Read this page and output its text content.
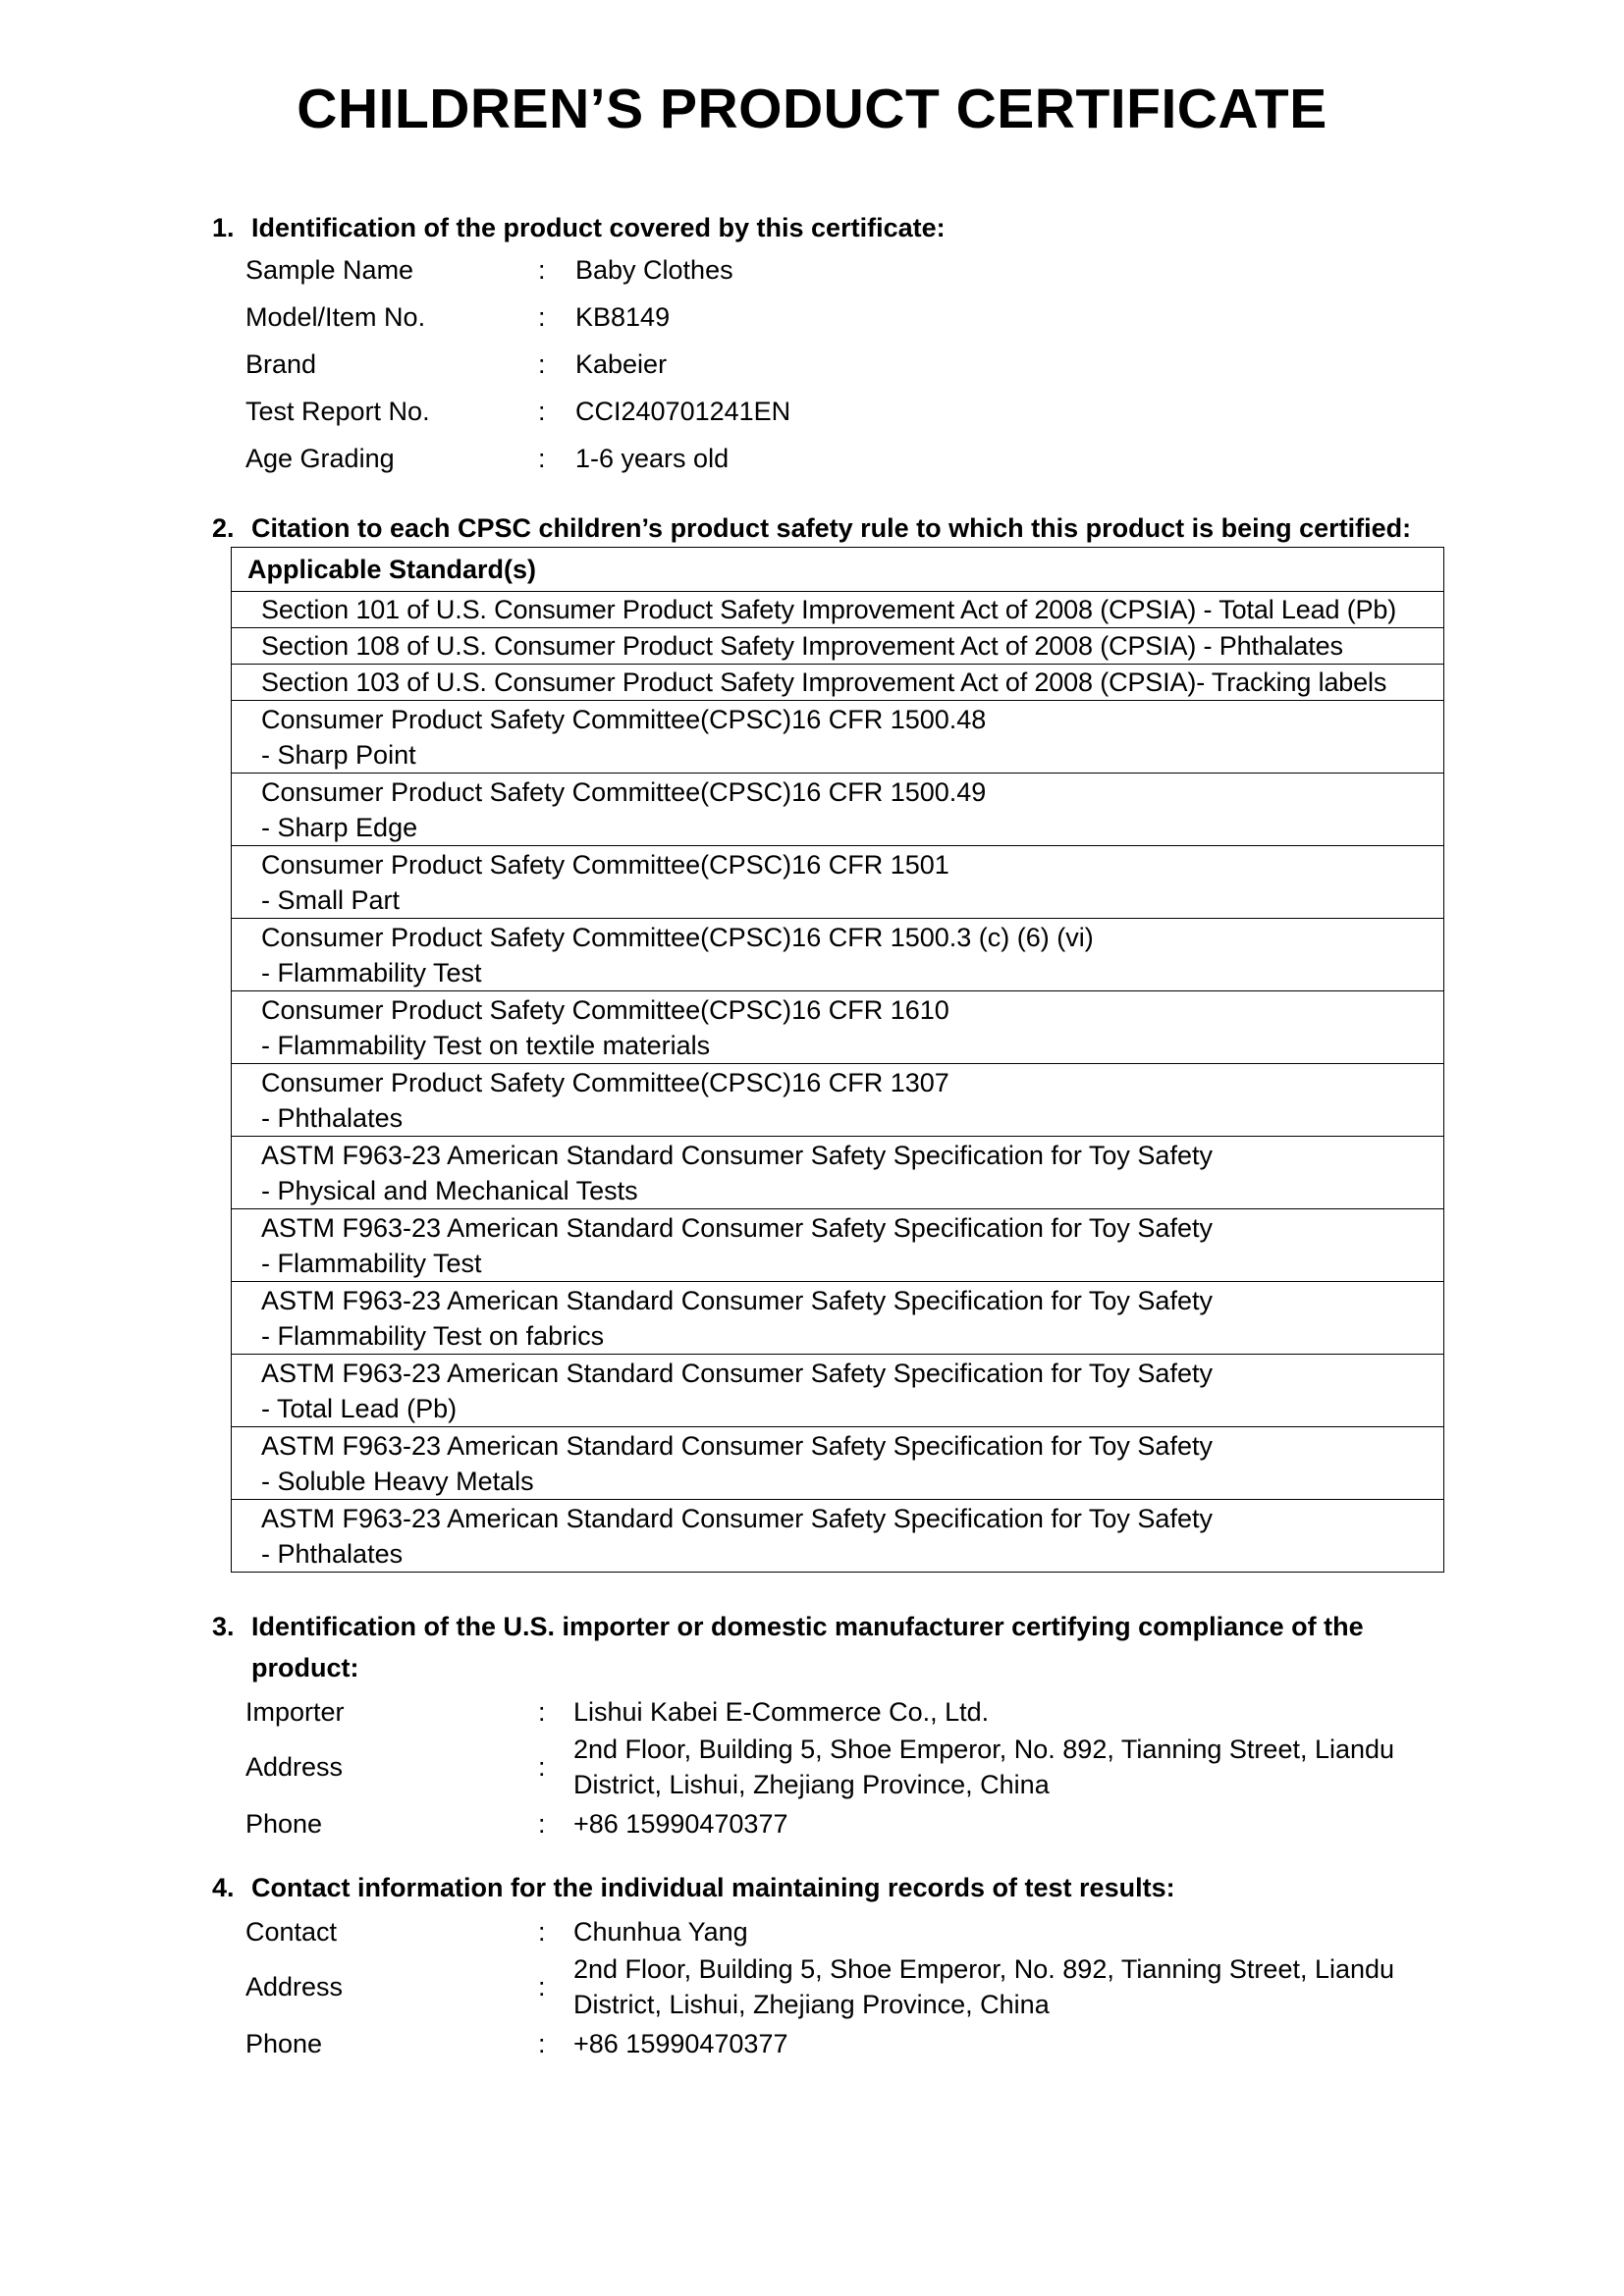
CHILDREN’S PRODUCT CERTIFICATE
1. Identification of the product covered by this certificate:
Sample Name	:	Baby Clothes
Model/Item No.	:	KB8149
Brand	:	Kabeier
Test Report No.	:	CCI240701241EN
Age Grading	:	1-6 years old
2. Citation to each CPSC children’s product safety rule to which this product is being certified:
Applicable Standard(s)

Section 101 of U.S. Consumer Product Safety Improvement Act of 2008 (CPSIA) - Total Lead (Pb)

Section 108 of U.S. Consumer Product Safety Improvement Act of 2008 (CPSIA) - Phthalates

Section 103 of U.S. Consumer Product Safety Improvement Act of 2008 (CPSIA)- Tracking labels

Consumer Product Safety Committee(CPSC)16 CFR 1500.48
- Sharp Point

Consumer Product Safety Committee(CPSC)16 CFR 1500.49
- Sharp Edge

Consumer Product Safety Committee(CPSC)16 CFR 1501
- Small Part

Consumer Product Safety Committee(CPSC)16 CFR 1500.3 (c) (6) (vi)
- Flammability Test

Consumer Product Safety Committee(CPSC)16 CFR 1610
- Flammability Test on textile materials

Consumer Product Safety Committee(CPSC)16 CFR 1307
- Phthalates

ASTM F963-23 American Standard Consumer Safety Specification for Toy Safety
- Physical and Mechanical Tests

ASTM F963-23 American Standard Consumer Safety Specification for Toy Safety
- Flammability Test

ASTM F963-23 American Standard Consumer Safety Specification for Toy Safety
- Flammability Test on fabrics

ASTM F963-23 American Standard Consumer Safety Specification for Toy Safety
- Total Lead (Pb)

ASTM F963-23 American Standard Consumer Safety Specification for Toy Safety
- Soluble Heavy Metals

ASTM F963-23 American Standard Consumer Safety Specification for Toy Safety
- Phthalates
3. Identification of the U.S. importer or domestic manufacturer certifying compliance of the
product:
Importer	:	Lishui Kabei E-Commerce Co., Ltd.
Address	:
2nd Floor, Building 5, Shoe Emperor, No. 892, Tianning Street, Liandu
District, Lishui, Zhejiang Province, China
Phone	:	+86 15990470377
4. Contact information for the individual maintaining records of test results:
Contact	:	Chunhua Yang
Address	:
2nd Floor, Building 5, Shoe Emperor, No. 892, Tianning Street, Liandu
District, Lishui, Zhejiang Province, China
Phone	:	+86 15990470377
